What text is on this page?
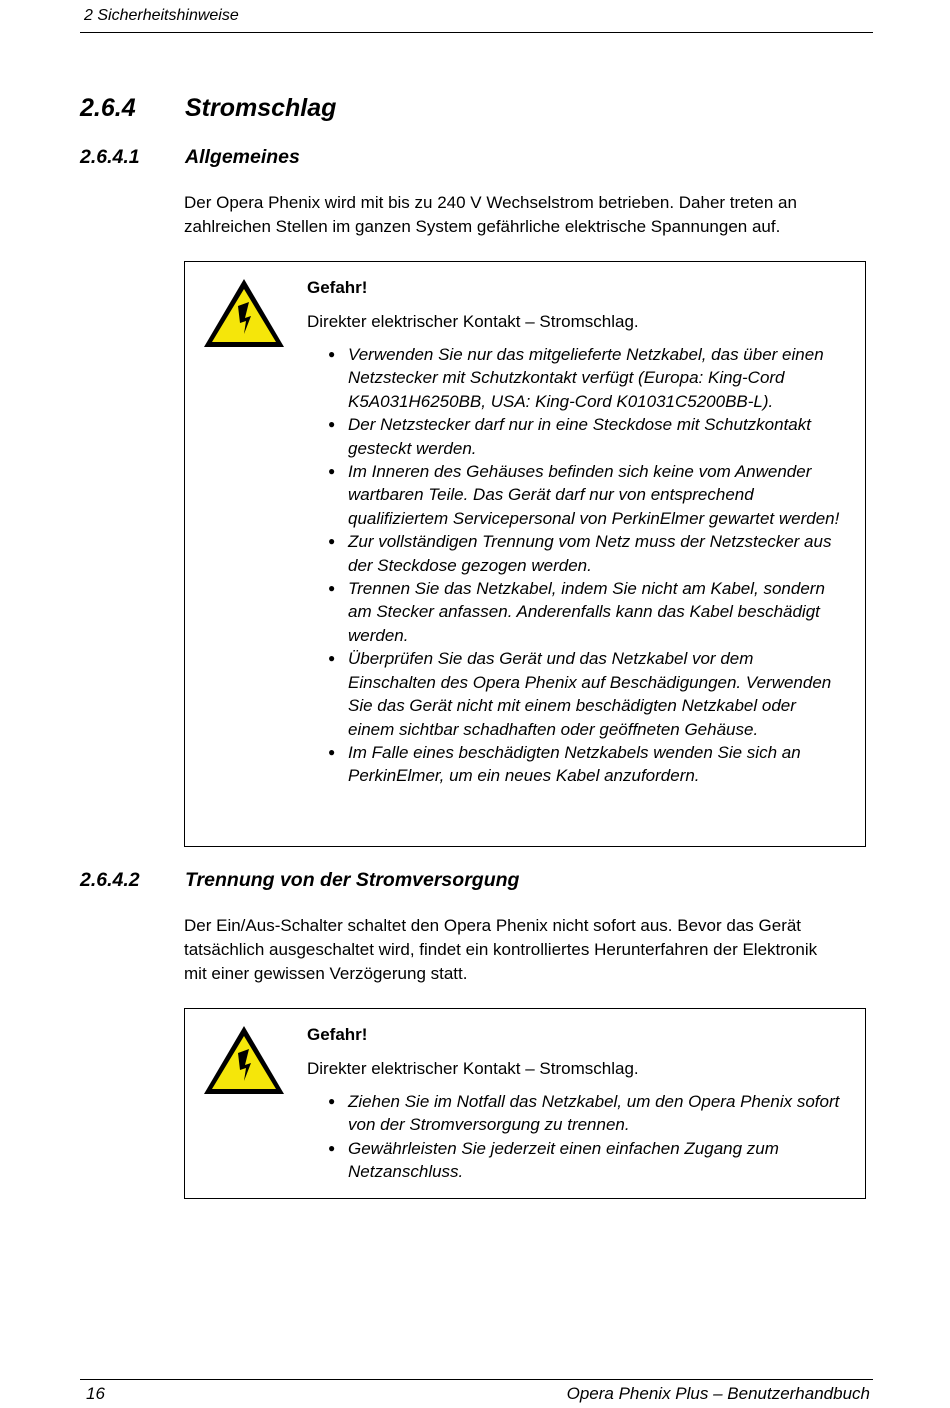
2 Sicherheitshinweise
2.6.4 Stromschlag
2.6.4.1 Allgemeines

Der Opera Phenix wird mit bis zu 240 V Wechselstrom betrieben. Daher treten an

zahlreichen Stellen im ganzen System gefährliche elektrische Spannungen auf.

Gefahr!
Direkter elektrischer Kontakt – Stromschlag.
● Verwenden Sie nur das mitgelieferte Netzkabel, das über einen Netzstecker mit Schutzkontakt verfügt (Europa: King-Cord K5A031H6250BB, USA: King-Cord K01031C5200BB-L).
● Der Netzstecker darf nur in eine Steckdose mit Schutzkontakt gesteckt werden.
● Im Inneren des Gehäuses befinden sich keine vom Anwender wartbaren Teile. Das Gerät darf nur von entsprechend qualifiziertem Servicepersonal von PerkinElmer gewartet werden!
● Zur vollständigen Trennung vom Netz muss der Netzstecker aus der Steckdose gezogen werden.
● Trennen Sie das Netzkabel, indem Sie nicht am Kabel, sondern am Stecker anfassen. Anderenfalls kann das Kabel beschädigt werden.
● Überprüfen Sie das Gerät und das Netzkabel vor dem Einschalten des Opera Phenix auf Beschädigungen. Verwenden Sie das Gerät nicht mit einem beschädigten Netzkabel oder einem sichtbar schadhaften oder geöffneten Gehäuse.
● Im Falle eines beschädigten Netzkabels wenden Sie sich an PerkinElmer, um ein neues Kabel anzufordern.
2.6.4.2 Trennung von der Stromversorgung

Der Ein/Aus-Schalter schaltet den Opera Phenix nicht sofort aus. Bevor das Gerät

tatsächlich ausgeschaltet wird, findet ein kontrolliertes Herunterfahren der Elektronik

mit einer gewissen Verzögerung statt.

Gefahr!
Direkter elektrischer Kontakt – Stromschlag.
● Ziehen Sie im Notfall das Netzkabel, um den Opera Phenix sofort von der Stromversorgung zu trennen.
● Gewährleisten Sie jederzeit einen einfachen Zugang zum Netzanschluss.
16	Opera Phenix Plus – Benutzerhandbuch
